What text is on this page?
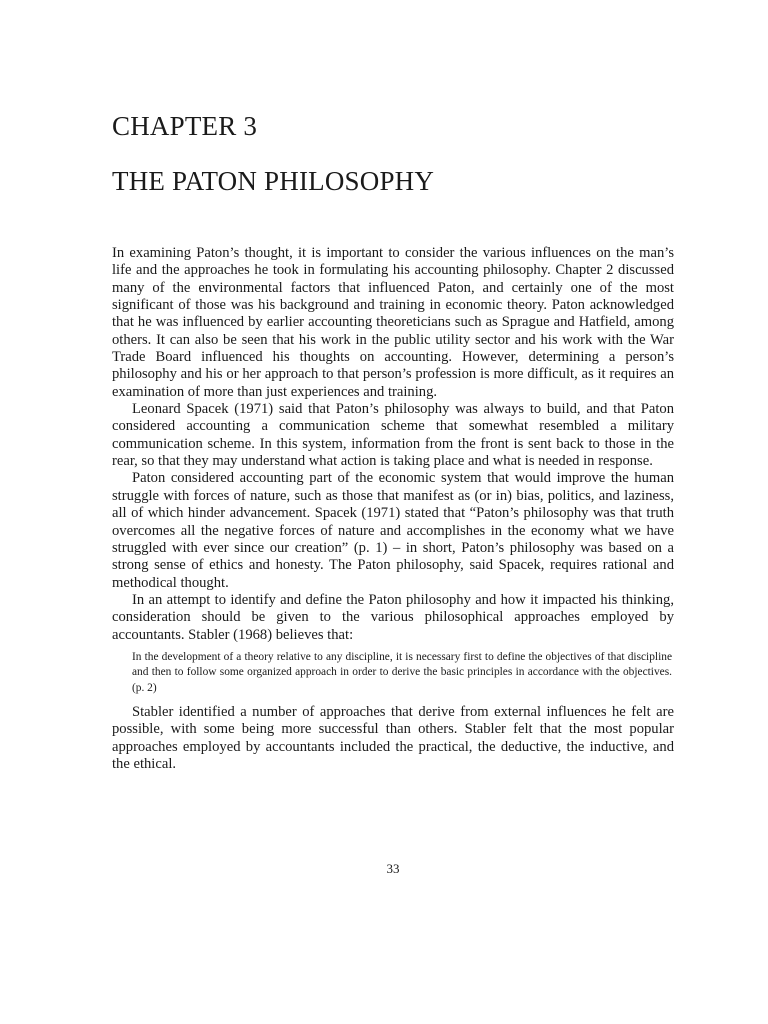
CHAPTER 3
THE PATON PHILOSOPHY

In examining Paton’s thought, it is important to consider the various influences on the man’s life and the approaches he took in formulating his accounting philosophy. Chapter 2 discussed many of the environmental factors that influenced Paton, and certainly one of the most significant of those was his background and training in economic theory. Paton acknowledged that he was influenced by earlier accounting theoreticians such as Sprague and Hatfield, among others. It can also be seen that his work in the public utility sector and his work with the War Trade Board influenced his thoughts on accounting. However, determining a person’s philosophy and his or her approach to that person’s profession is more difficult, as it requires an examination of more than just experiences and training.

Leonard Spacek (1971) said that Paton’s philosophy was always to build, and that Paton considered accounting a communication scheme that somewhat resembled a military communication scheme. In this system, information from the front is sent back to those in the rear, so that they may understand what action is taking place and what is needed in response.

Paton considered accounting part of the economic system that would improve the human struggle with forces of nature, such as those that manifest as (or in) bias, politics, and laziness, all of which hinder advancement. Spacek (1971) stated that “Paton’s philosophy was that truth overcomes all the negative forces of nature and accomplishes in the economy what we have struggled with ever since our creation” (p. 1) – in short, Paton’s philosophy was based on a strong sense of ethics and honesty. The Paton philosophy, said Spacek, requires rational and methodical thought.

In an attempt to identify and define the Paton philosophy and how it impacted his thinking, consideration should be given to the various philosophical approaches employed by accountants. Stabler (1968) believes that:

In the development of a theory relative to any discipline, it is necessary first to define the objectives of that discipline and then to follow some organized approach in order to derive the basic principles in accordance with the objectives. (p. 2)

Stabler identified a number of approaches that derive from external influences he felt are possible, with some being more successful than others. Stabler felt that the most popular approaches employed by accountants included the practical, the deductive, the inductive, and the ethical.

33
